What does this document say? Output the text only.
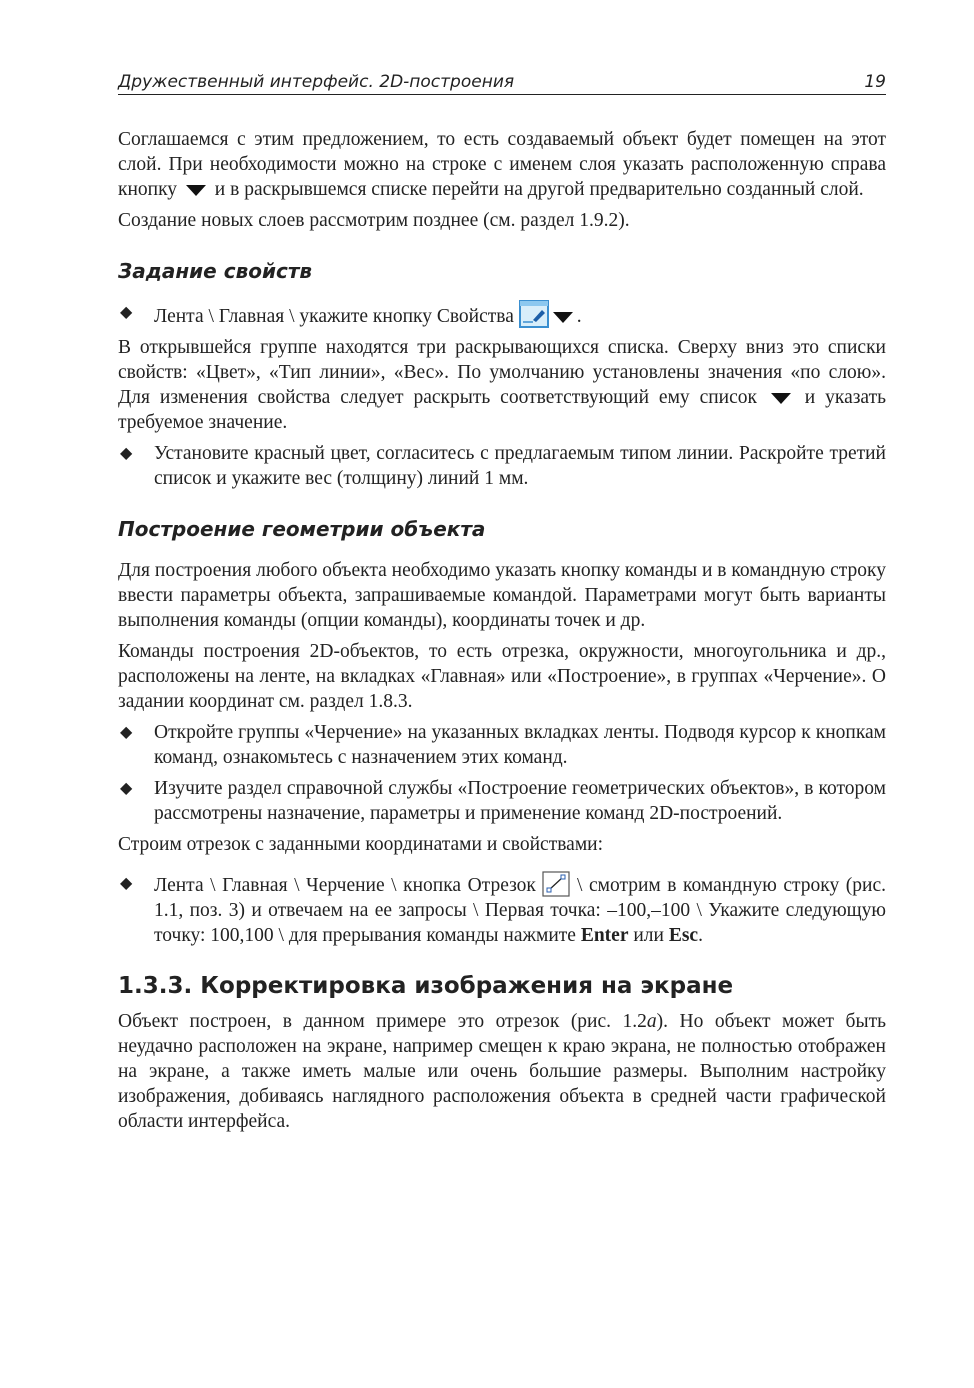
Дружественный интерфейс. 2D-построения	19

Соглашаемся с этим предложением, то есть создаваемый объект будет помещен на этот слой. При необходимости можно на строке с именем слоя указать расположенную справа кнопку и в раскрывшемся списке перейти на другой предварительно созданный слой.

Создание новых слоев рассмотрим позднее (см. раздел 1.9.2).

Задание свойств
◆ Лента \ Главная \ укажите кнопку Свойства	.

В открывшейся группе находятся три раскрывающихся списка. Сверху вниз это списки свойств: «Цвет», «Тип линии», «Вес». По умолчанию установлены значения «по слою». Для изменения свойства следует раскрыть соответствующий ему список и указать требуемое значение.

◆ Установите красный цвет, согласитесь с предлагаемым типом линии. Раскройте третий список и укажите вес (толщину) линий 1 мм.
Построение геометрии объекта

Для построения любого объекта необходимо указать кнопку команды и в командную строку ввести параметры объекта, запрашиваемые командой. Параметрами могут быть варианты выполнения команды (опции команды), координаты точек и др.

Команды построения 2D-объектов, то есть отрезка, окружности, многоугольника и др., расположены на ленте, на вкладках «Главная» или «Построение», в группах «Черчение». О задании координат см. раздел 1.8.3.

◆ Откройте группы «Черчение» на указанных вкладках ленты. Подводя курсор к кнопкам команд, ознакомьтесь с назначением этих команд.
◆ Изучите раздел справочной службы «Построение геометрических объектов», в котором рассмотрены назначение, параметры и применение команд 2D-построений.

Строим отрезок с заданными координатами и свойствами:

◆ Лента \ Главная \ Черчение \ кнопка Отрезок \ смотрим в командную строку (рис. 1.1, поз. 3) и отвечаем на ее запросы \ Первая точка: –100,–100 \ Укажите следующую точку: 100,100 \ для прерывания команды нажмите Enter или Esc.
1.3.3. Корректировка изображения на экране

Объект построен, в данном примере это отрезок (рис. 1.2а). Но объект может быть неудачно расположен на экране, например смещен к краю экрана, не полностью отображен на экране, а также иметь малые или очень большие размеры. Выполним настройку изображения, добиваясь наглядного расположения объекта в средней части графической области интерфейса.
